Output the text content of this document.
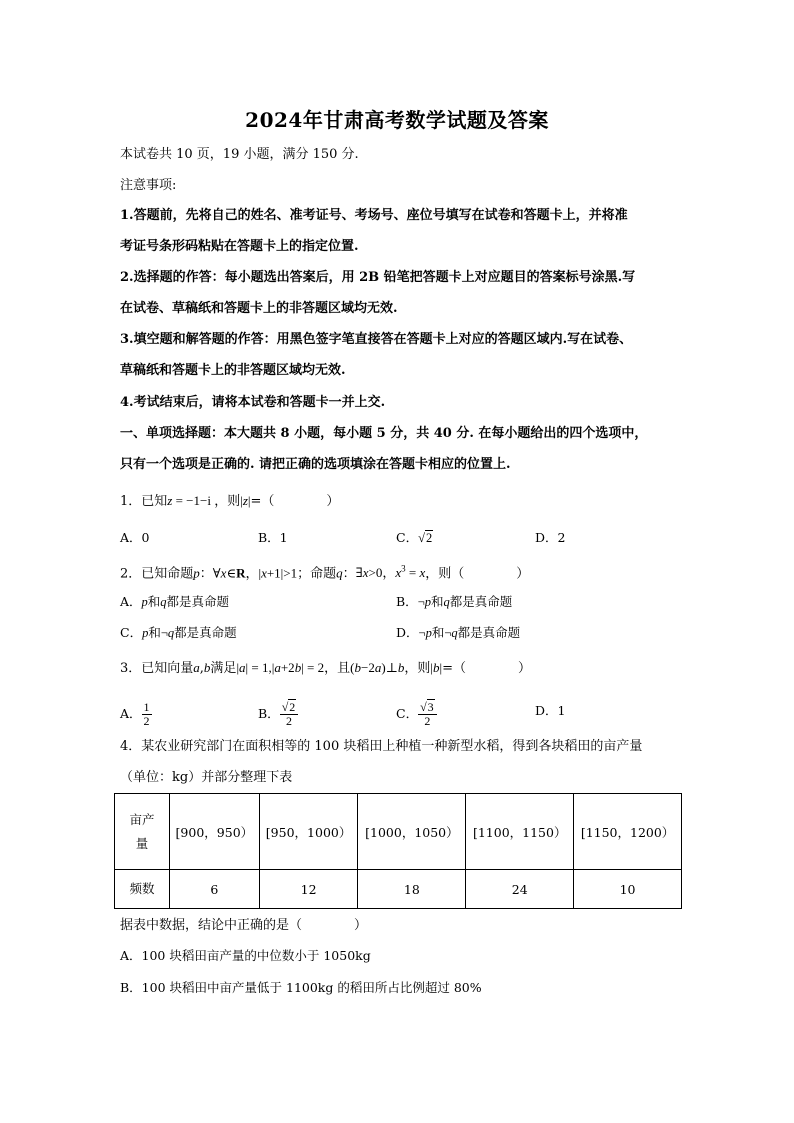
2024年甘肃高考数学试题及答案
本试卷共 10 页，19 小题，满分 150 分.
注意事项:
1.答题前，先将自己的姓名、准考证号、考场号、座位号填写在试卷和答题卡上，并将准
考证号条形码粘贴在答题卡上的指定位置.
2.选择题的作答：每小题选出答案后，用 2B 铅笔把答题卡上对应题目的答案标号涂黑.写
在试卷、草稿纸和答题卡上的非答题区域均无效.
3.填空题和解答题的作答：用黑色签字笔直接答在答题卡上对应的答题区域内.写在试卷、
草稿纸和答题卡上的非答题区域均无效.
4.考试结束后，请将本试卷和答题卡一并上交.
一、单项选择题：本大题共 8 小题，每小题 5 分，共 40 分. 在每小题给出的四个选项中，
只有一个选项是正确的. 请把正确的选项填涂在答题卡相应的位置上.
1．已知z = −1−i ，则|z|=（　　　　）
A．0	B．1	C．√2	D．2
2．已知命题p：∀x∈R，|x+1|>1；命题q：∃x>0，$x^3 = x$，则（　　　　）
A．p和q都是真命题	B．¬p和q都是真命题
C．p和¬q都是真命题	D．¬p和¬q都是真命题
3．已知向量a,b满足|a| = 1,|a+2b| = 2，且(b−2a)⊥b，则|b|=（　　　　）
A． $\frac{1}{2}$	B． $\frac{√2}{2}$	C． $\frac{√3}{2}$	D．1
4．某农业研究部门在面积相等的 100 块稻田上种植一种新型水稻，得到各块稻田的亩产量
（单位：kg）并部分整理下表
亩产
量	[900，950）	[950，1000）	[1000，1050）	[1100，1150）	[1150，1200）
频数	6	12	18	24	10
据表中数据，结论中正确的是（　　　　）
A．100 块稻田亩产量的中位数小于 1050kg
B．100 块稻田中亩产量低于 1100kg 的稻田所占比例超过 80%
